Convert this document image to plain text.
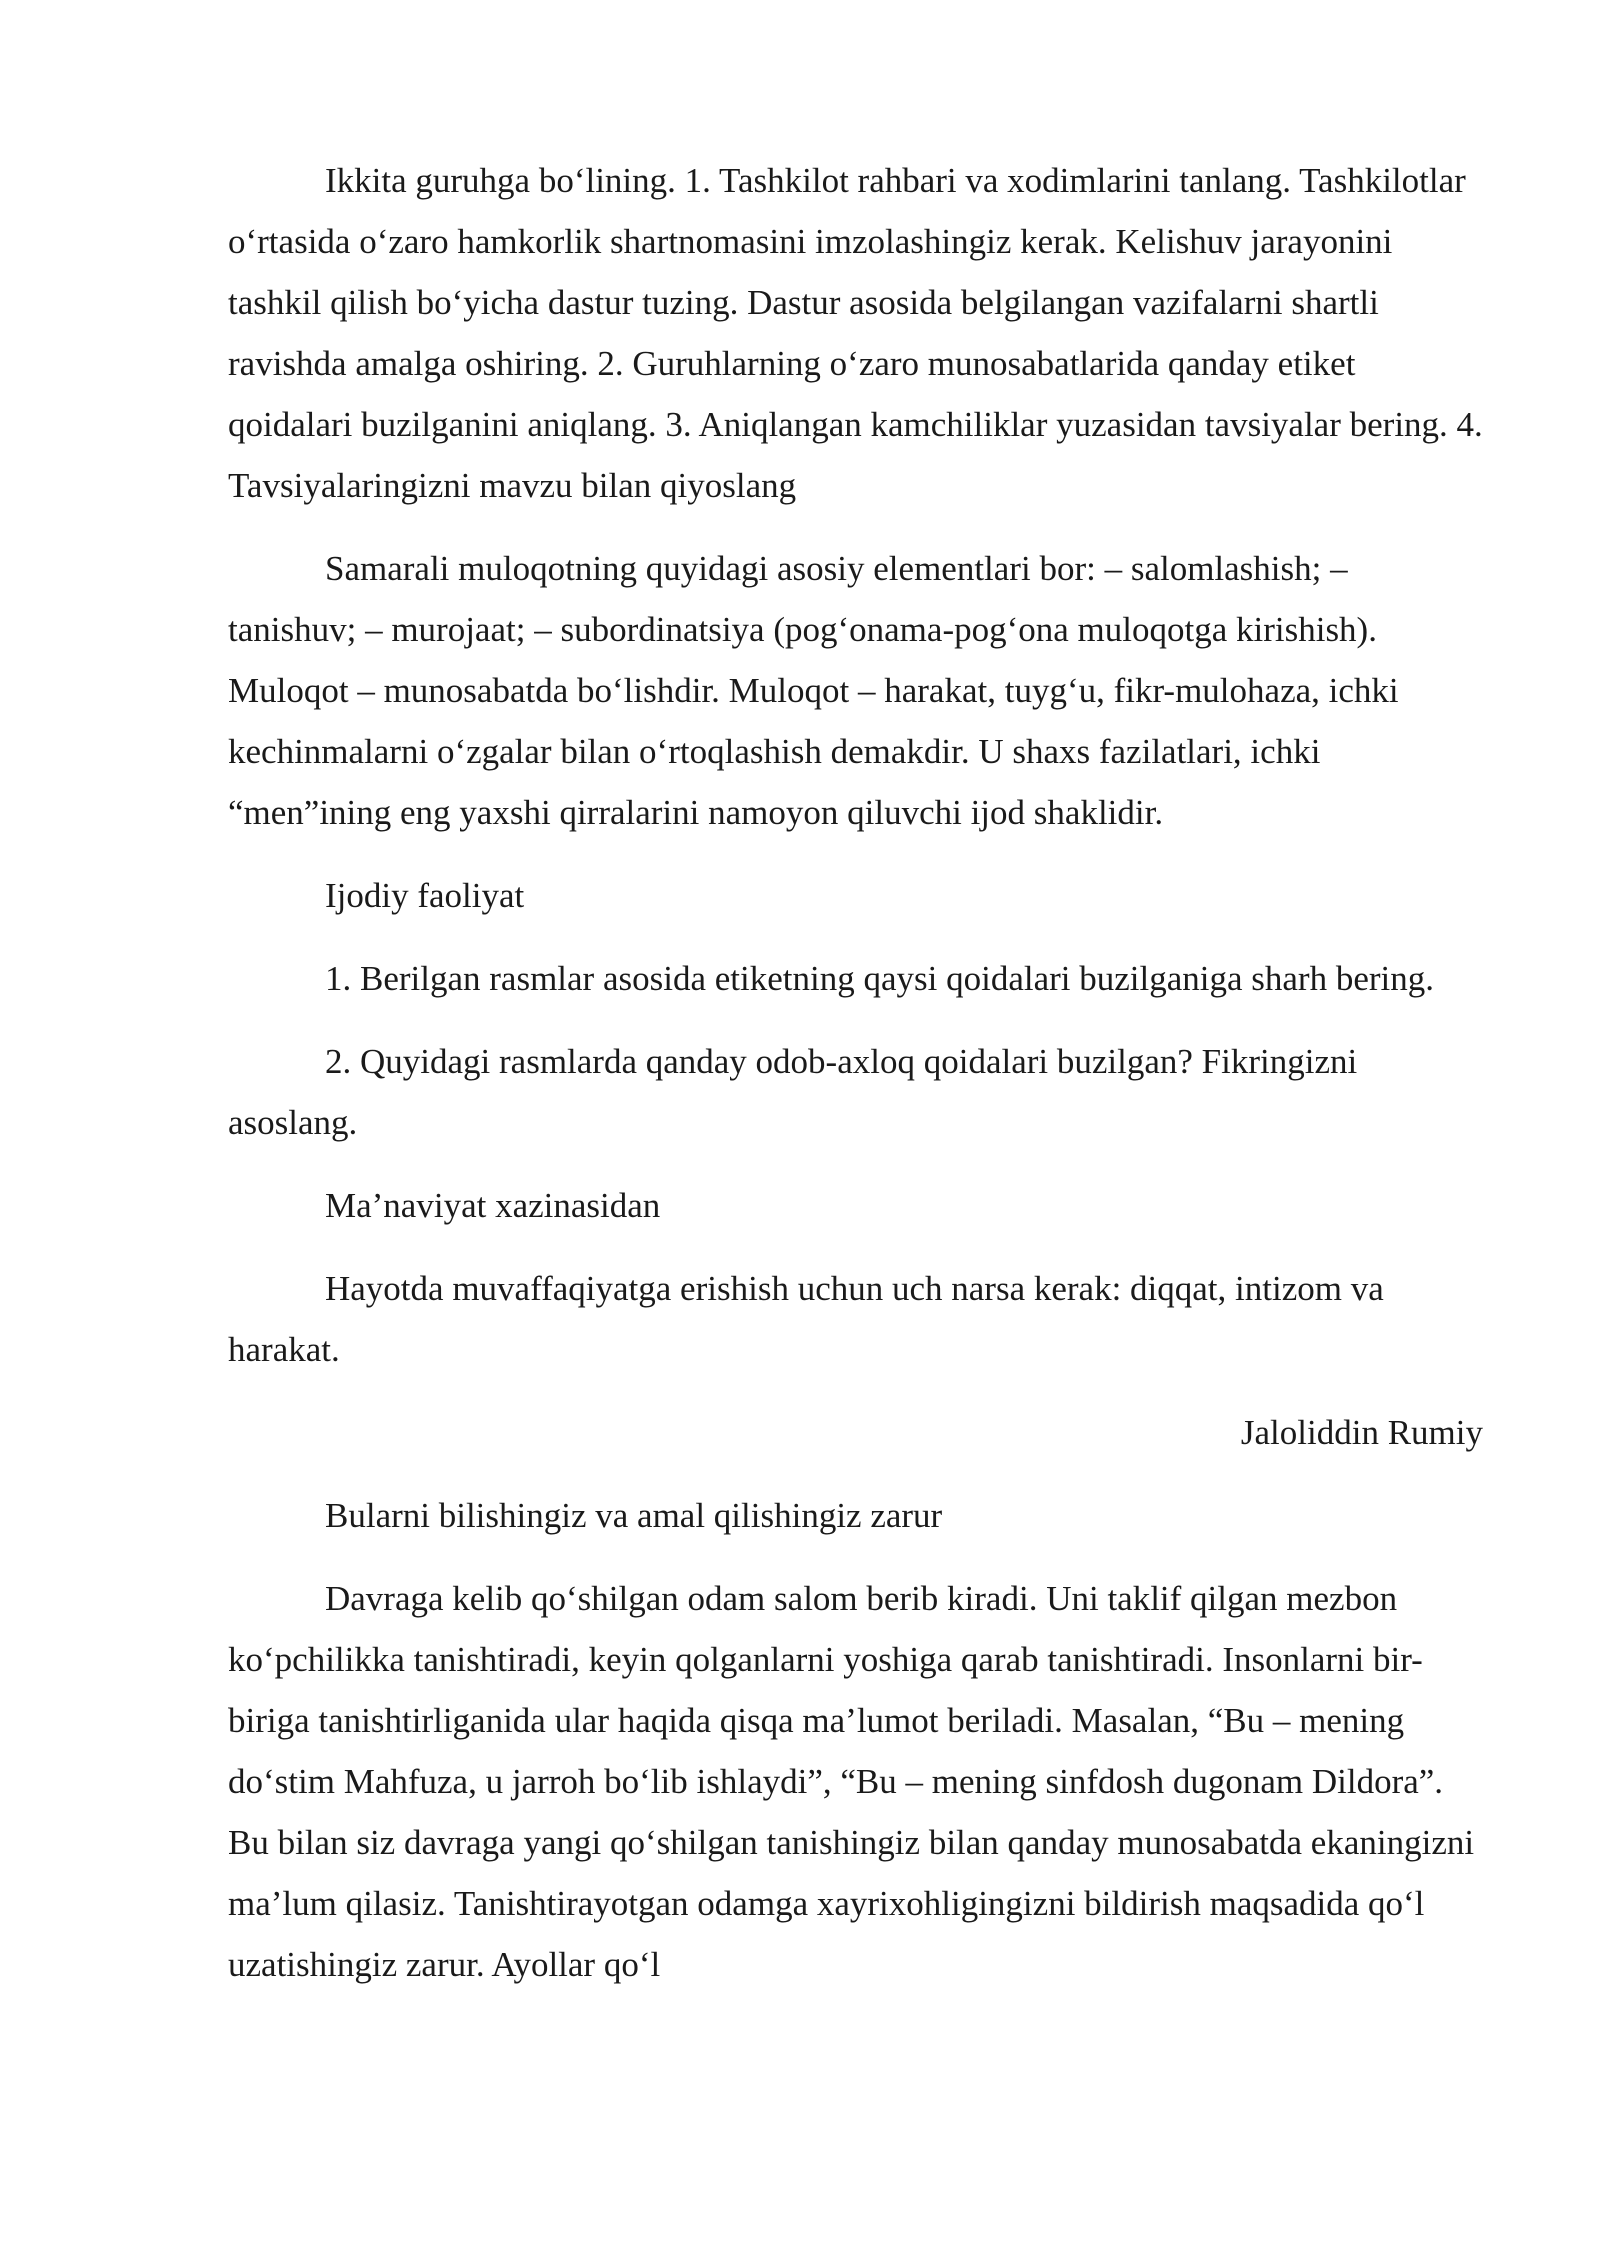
Ikkita guruhga boʻlining. 1. Tashkilot rahbari va xodimlarini tanlang. Tashkilotlar oʻrtasida oʻzaro hamkorlik shartnomasini imzolashingiz kerak. Kelishuv jarayonini tashkil qilish boʻyicha dastur tuzing. Dastur asosida belgilangan vazifalarni shartli ravishda amalga oshiring. 2. Guruhlarning oʻzaro munosabatlarida qanday etiket qoidalari buzilganini aniqlang. 3. Aniqlangan kamchiliklar yuzasidan tavsiyalar bering. 4. Tavsiyalaringizni mavzu bilan qiyoslang

Samarali muloqotning quyidagi asosiy elementlari bor: – salomlashish; – tanishuv; – murojaat; – subordinatsiya (pogʻonama-pogʻona muloqotga kirishish). Muloqot – munosabatda boʻlishdir. Muloqot – harakat, tuygʻu, fikr-mulohaza, ichki kechinmalarni oʻzgalar bilan oʻrtoqlashish demakdir. U shaxs fazilatlari, ichki “men”ining eng yaxshi qirralarini namoyon qiluvchi ijod shaklidir.

Ijodiy faoliyat

1. Berilgan rasmlar asosida etiketning qaysi qoidalari buzilganiga sharh bering.

2. Quyidagi rasmlarda qanday odob-axloq qoidalari buzilgan? Fikringizni asoslang.

Ma’naviyat xazinasidan

Hayotda muvaffaqiyatga erishish uchun uch narsa kerak: diqqat, intizom va harakat.

Jaloliddin Rumiy

Bularni bilishingiz va amal qilishingiz zarur

Davraga kelib qoʻshilgan odam salom berib kiradi. Uni taklif qilgan mezbon koʻpchilikka tanishtiradi, keyin qolganlarni yoshiga qarab tanishtiradi. Insonlarni bir-biriga tanishtirliganida ular haqida qisqa ma’lumot beriladi. Masalan, “Bu – mening doʻstim Mahfuza, u jarroh boʻlib ishlaydi”, “Bu – mening sinfdosh dugonam Dildora”. Bu bilan siz davraga yangi qoʻshilgan tanishingiz bilan qanday munosabatda ekaningizni ma’lum qilasiz. Tanishtirayotgan odamga xayrixohligingizni bildirish maqsadida qoʻl uzatishingiz zarur. Ayollar qoʻl
